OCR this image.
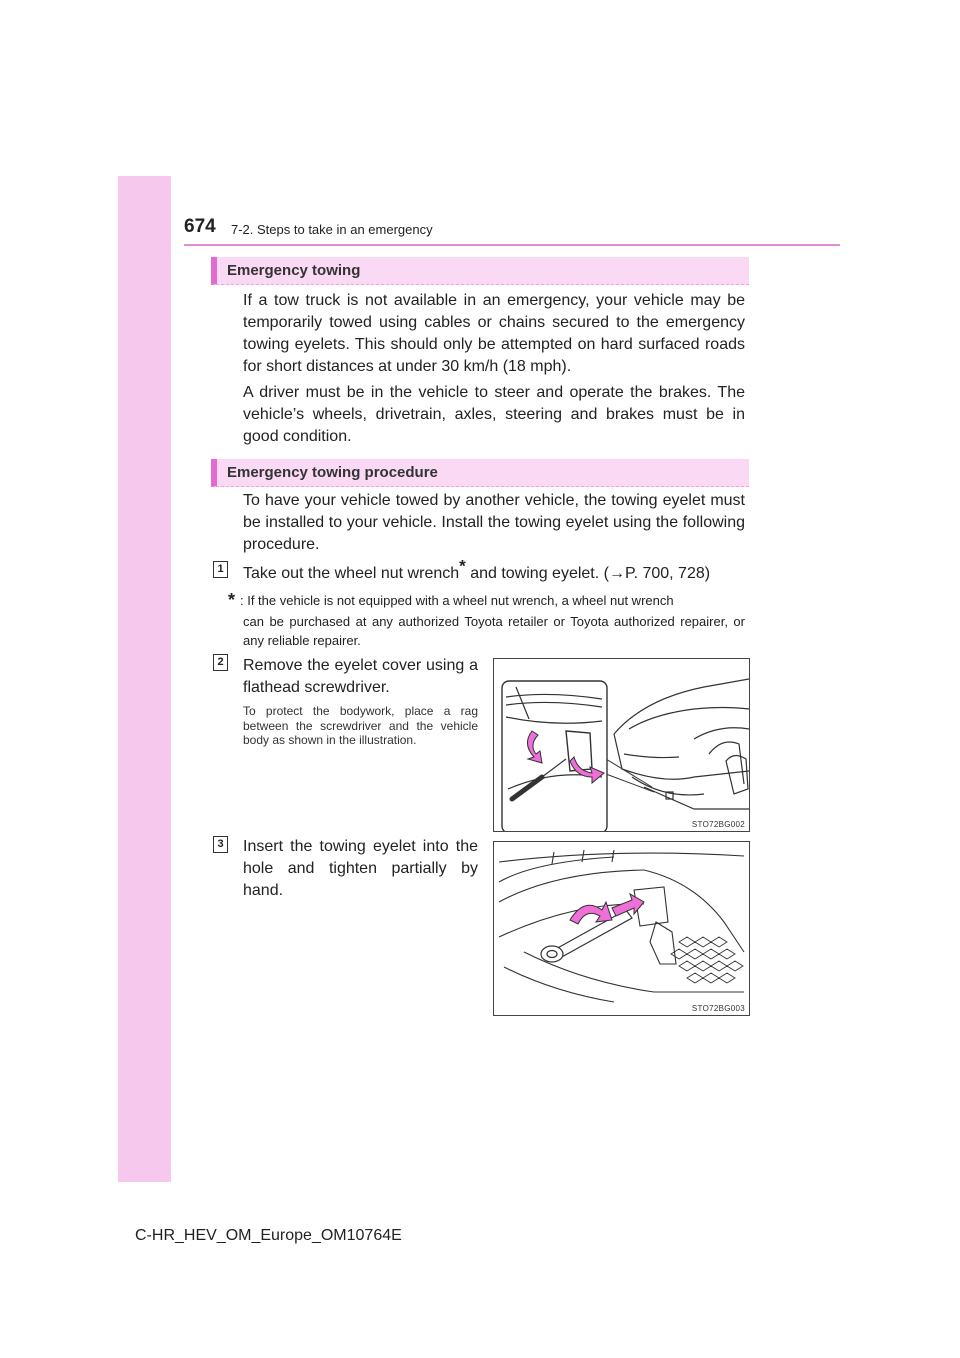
674 7-2. Steps to take in an emergency
Emergency towing

If a tow truck is not available in an emergency, your vehicle may be temporarily towed using cables or chains secured to the emergency towing eyelets. This should only be attempted on hard surfaced roads for short distances at under 30 km/h (18 mph).

A driver must be in the vehicle to steer and operate the brakes. The vehicle’s wheels, drivetrain, axles, steering and brakes must be in good condition.

Emergency towing procedure

To have your vehicle towed by another vehicle, the towing eyelet must be installed to your vehicle. Install the towing eyelet using the following procedure.

1 Take out the wheel nut wrench* and towing eyelet. (→P. 700, 728)

* : If the vehicle is not equipped with a wheel nut wrench, a wheel nut wrench

can be purchased at any authorized Toyota retailer or Toyota authorized repairer, or any reliable repairer.

2 Remove the eyelet cover using a flathead screwdriver.

To protect the bodywork, place a rag between the screwdriver and the vehicle body as shown in the illustration.

STO72BG002
3 Insert the towing eyelet into the hole and tighten partially by hand.

STO72BG003
C-HR_HEV_OM_Europe_OM10764E
